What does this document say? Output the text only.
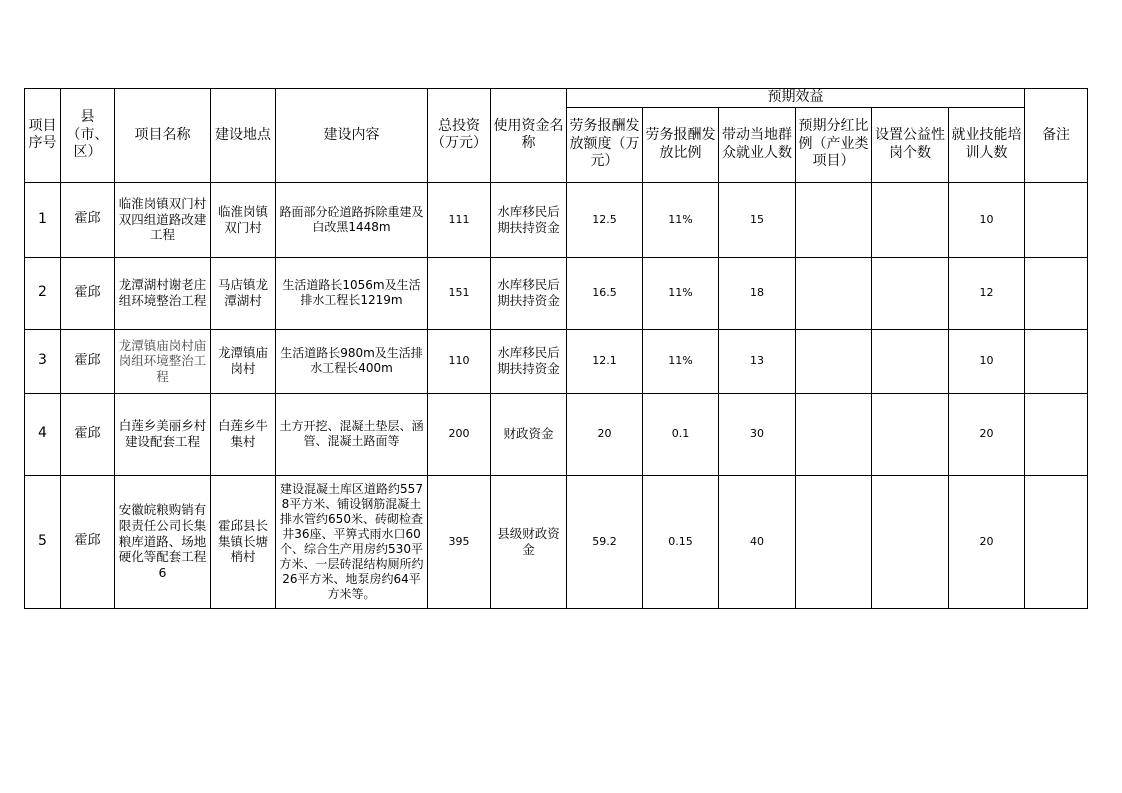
项目序号	县（市、区）	项目名称	建设地点	建设内容	总投资（万元）	使用资金名称	预期效益						备注
							劳务报酬发放额度（万元）	劳务报酬发放比例	带动当地群众就业人数	预期分红比例（产业类项目）	设置公益性岗个数	就业技能培训人数	
1	霍邱	临淮岗镇双门村双四组道路改建工程	临淮岗镇双门村	路面部分砼道路拆除重建及白改黑1448m	111	水库移民后期扶持资金	12.5	11%	15			10	
2	霍邱	龙潭湖村谢老庄组环境整治工程	马店镇龙潭湖村	生活道路长1056m及生活排水工程长1219m	151	水库移民后期扶持资金	16.5	11%	18			12	
3	霍邱	龙潭镇庙岗村庙岗组环境整治工程	龙潭镇庙岗村	生活道路长980m及生活排水工程长400m	110	水库移民后期扶持资金	12.1	11%	13			10	
4	霍邱	白莲乡美丽乡村建设配套工程	白莲乡牛集村	土方开挖、混凝土垫层、涵管、混凝土路面等	200	财政资金	20	0.1	30			20	
5	霍邱	安徽皖粮购销有限责任公司长集粮库道路、场地硬化等配套工程6	霍邱县长集镇长塘梢村	建设混凝土库区道路约5578平方米、铺设钢筋混凝土排水管约650米、砖砌检查井36座、平箅式雨水口60个、综合生产用房约530平方米、一层砖混结构厕所约26平方米、地泵房约64平方米等。	395	县级财政资金	59.2	0.15	40			20	
